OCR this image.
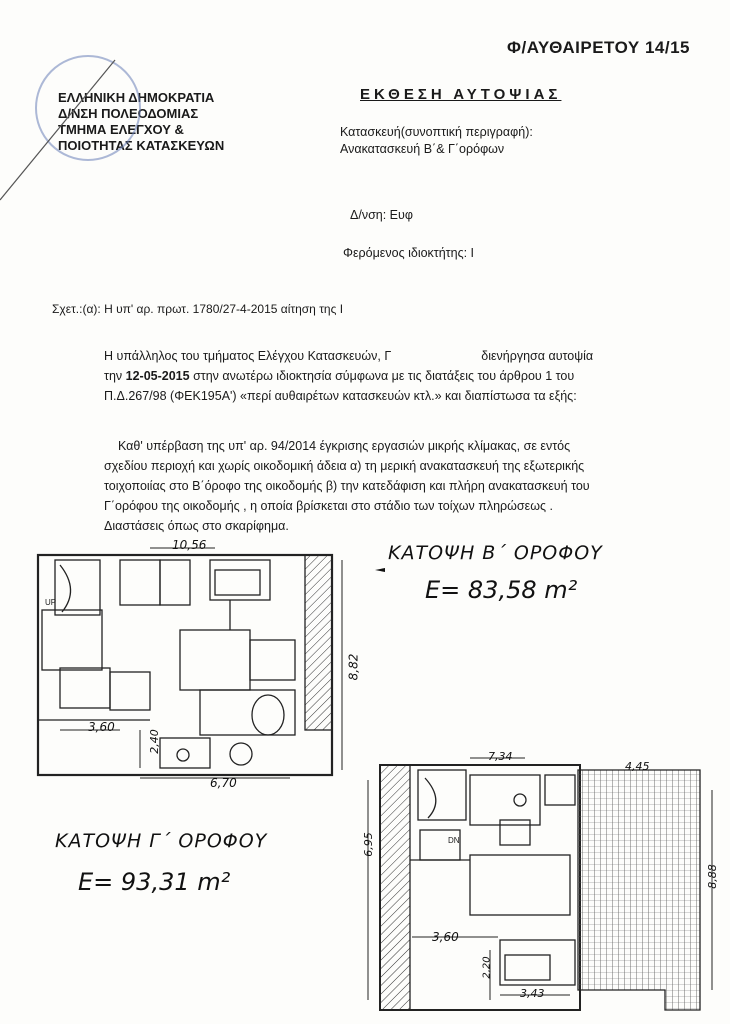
Φ/ΑΥΘΑΙΡΕΤΟΥ 14/15
ΕΛΛΗΝΙΚΗ ΔΗΜΟΚΡΑΤΙΑ
Δ/ΝΣΗ ΠΟΛΕΟΔΟΜΙΑΣ
ΤΜΗΜΑ ΕΛΕΓΧΟΥ &
ΠΟΙΟΤΗΤΑΣ ΚΑΤΑΣΚΕΥΩΝ
ΕΚΘΕΣΗ ΑΥΤΟΨΙΑΣ
Κατασκευή(συνοπτική περιγραφή):
Ανακατασκευή Β΄& Γ΄ορόφων
Δ/νση: Ευφ
Φερόμενος ιδιοκτήτης: Ι
Σχετ.:(α): Η υπ' αρ. πρωτ. 1780/27-4-2015 αίτηση της Ι
Η υπάλληλος του τμήματος Ελέγχου Κατασκευών, Γ	διενήργησα αυτοψία
την 12-05-2015 στην ανωτέρω ιδιοκτησία σύμφωνα με τις διατάξεις του άρθρου 1 του
Π.Δ.267/98 (ΦΕΚ195Α') «περί αυθαιρέτων κατασκευών κτλ.» και διαπίστωσα τα εξής:
Καθ' υπέρβαση της υπ' αρ. 94/2014 έγκρισης εργασιών μικρής κλίμακας, σε εντός
σχεδίου περιοχή και χωρίς οικοδομική άδεια α) τη μερική ανακατασκευή της εξωτερικής
τοιχοποιίας στο Β΄όροφο της οικοδομής β) την κατεδάφιση και πλήρη ανακατασκευή του
Γ΄ορόφου της οικοδομής , η οποία βρίσκεται στο στάδιο των τοίχων πληρώσεως .
Διαστάσεις όπως στο σκαρίφημα.
10,56
8,82
3,60
2,40
6,70
UP
ΚΑΤΟΨΗ Β΄ ΟΡΟΦΟΥ
E= 83,58 m²
ΚΑΤΟΨΗ Γ΄ ΟΡΟΦΟΥ
E= 93,31 m²
7,34
4,45
8,88
6,95
3,60
2,20
3,43
DN
